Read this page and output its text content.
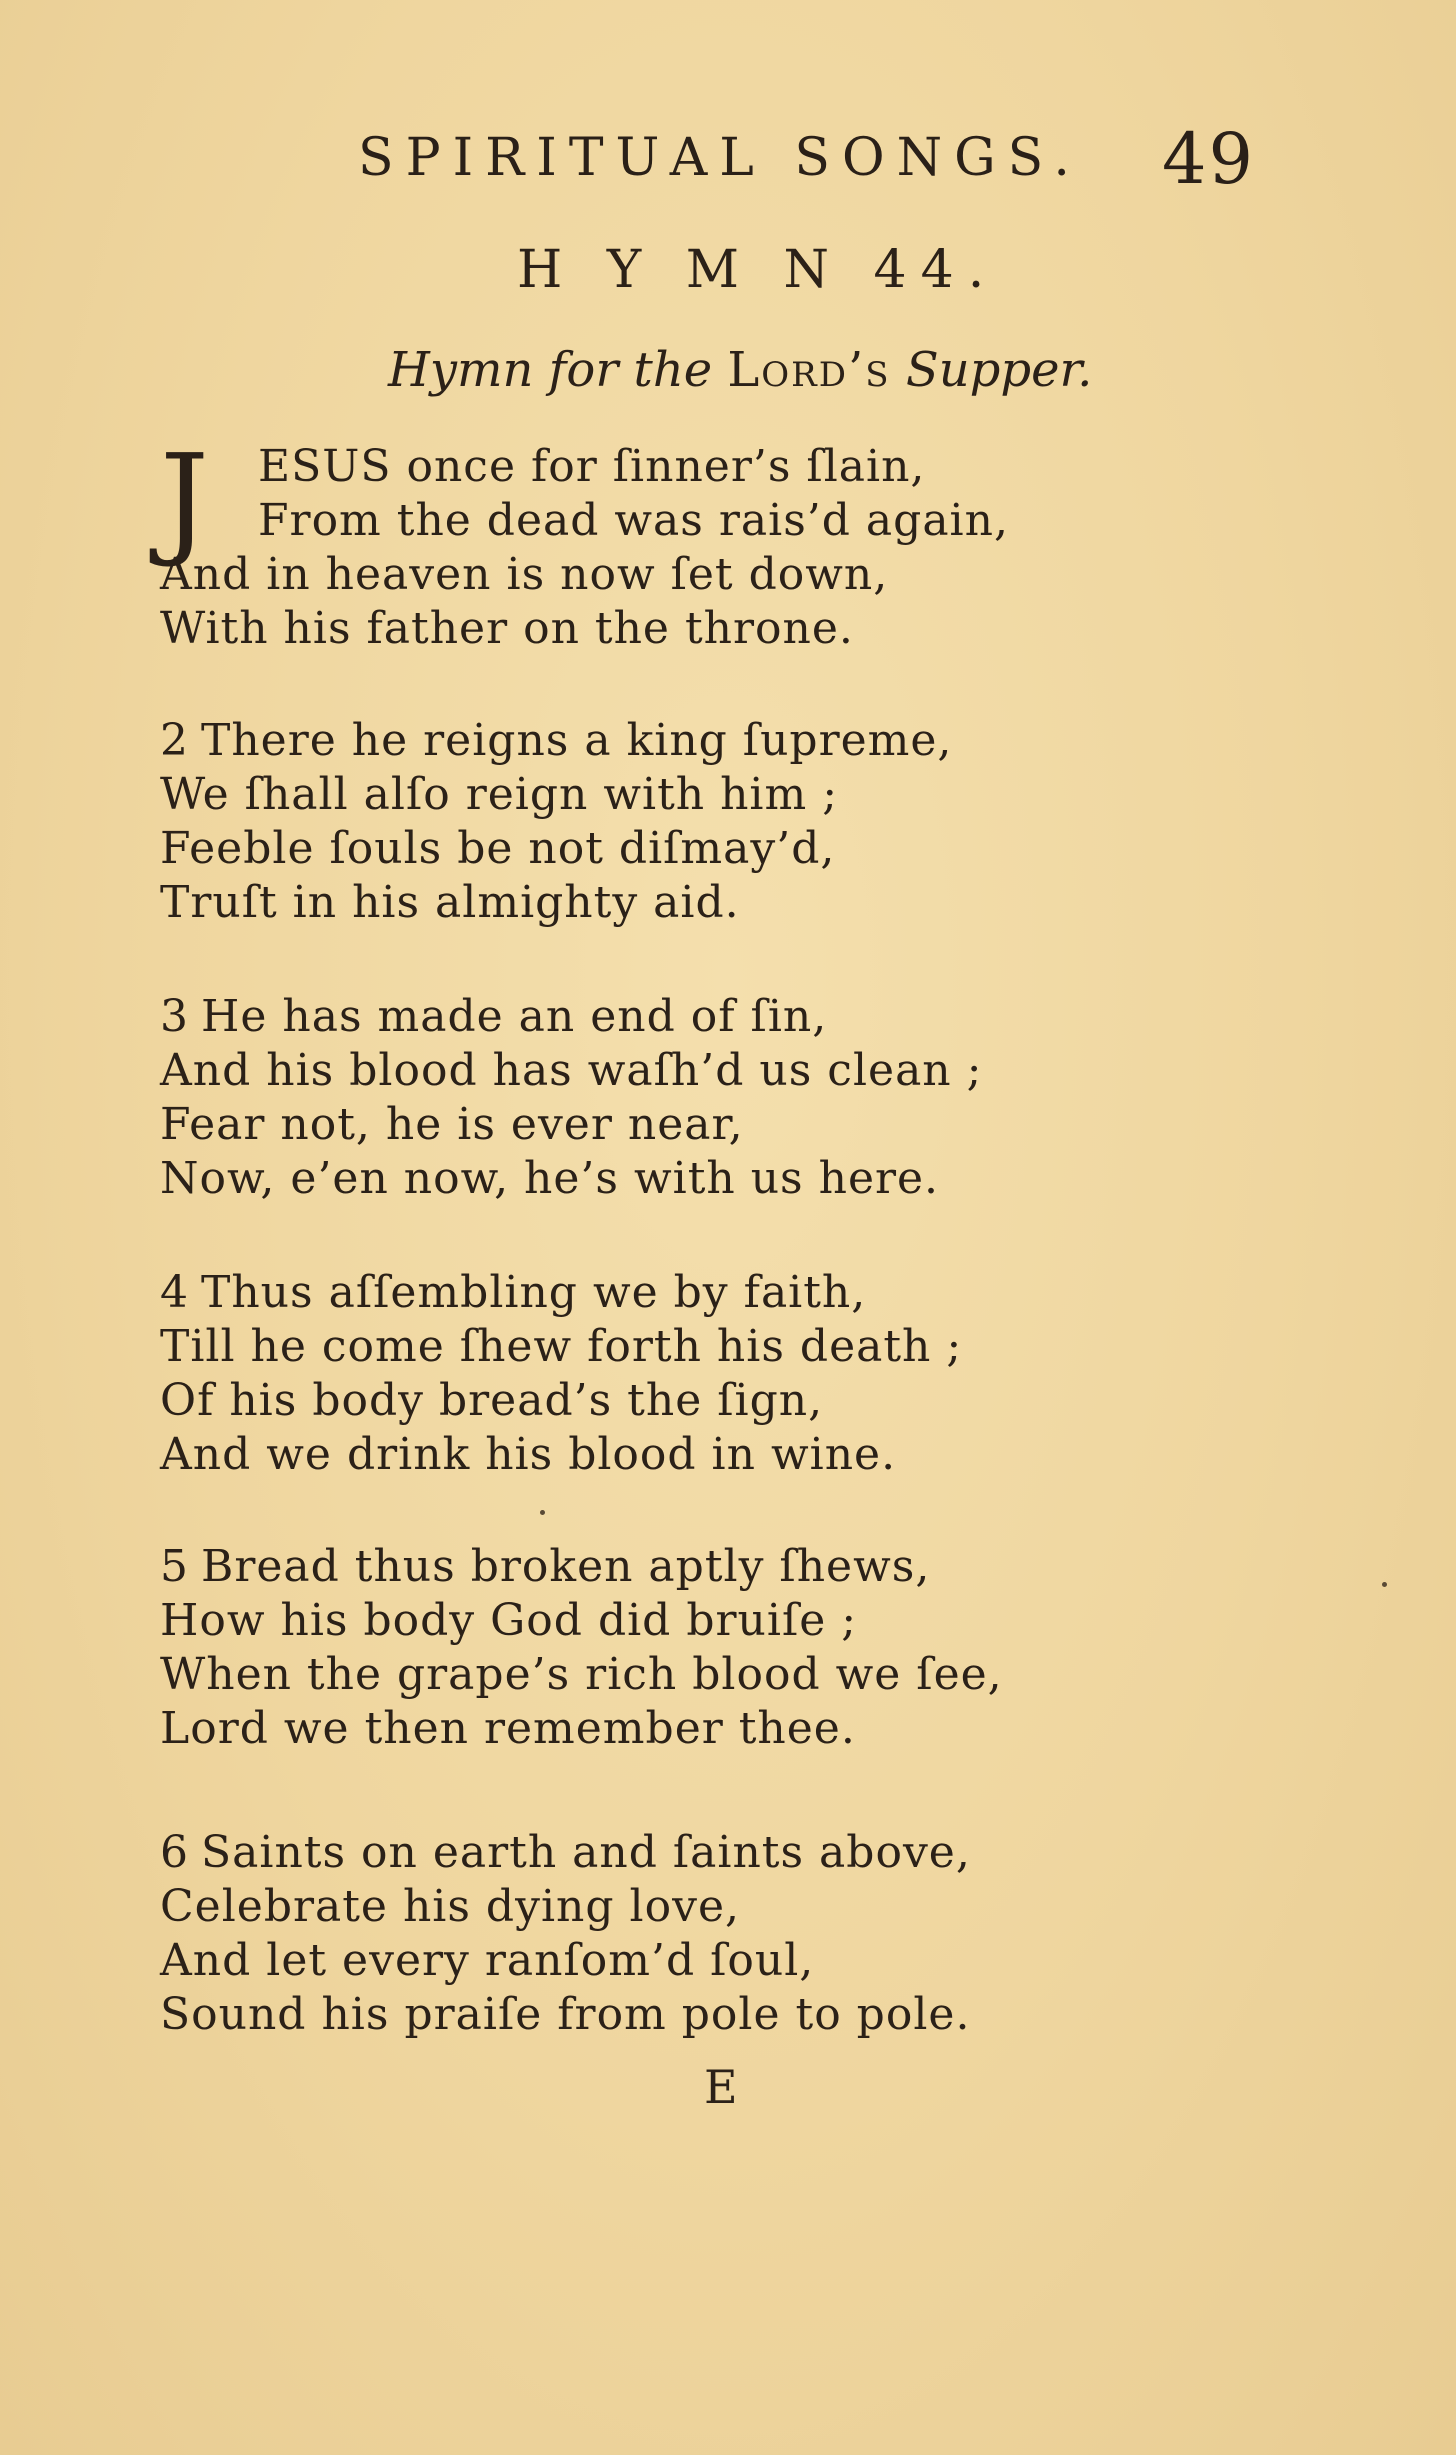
SPIRITUAL SONGS. 49
H Y M N 44.
Hymn for the Lord’s Supper.
J	ESUS once for ſinner’s ſlain,
From the dead was rais’d again,
And in heaven is now ſet down,
With his father on the throne.
2 There he reigns a king ſupreme,
We ſhall alſo reign with him ;
Feeble ſouls be not diſmay’d,
Truſt in his almighty aid.
3 He has made an end of ſin,
And his blood has waſh’d us clean ;
Fear not, he is ever near,
Now, e’en now, he’s with us here.
4 Thus aſſembling we by faith,
Till he come ſhew forth his death ;
Of his body bread’s the ſign,
And we drink his blood in wine.
5 Bread thus broken aptly ſhews,
How his body God did bruiſe ;
When the grape’s rich blood we ſee,
Lord we then remember thee.
6 Saints on earth and ſaints above,
Celebrate his dying love,
And let every ranſom’d ſoul,
Sound his praiſe from pole to pole.
E
